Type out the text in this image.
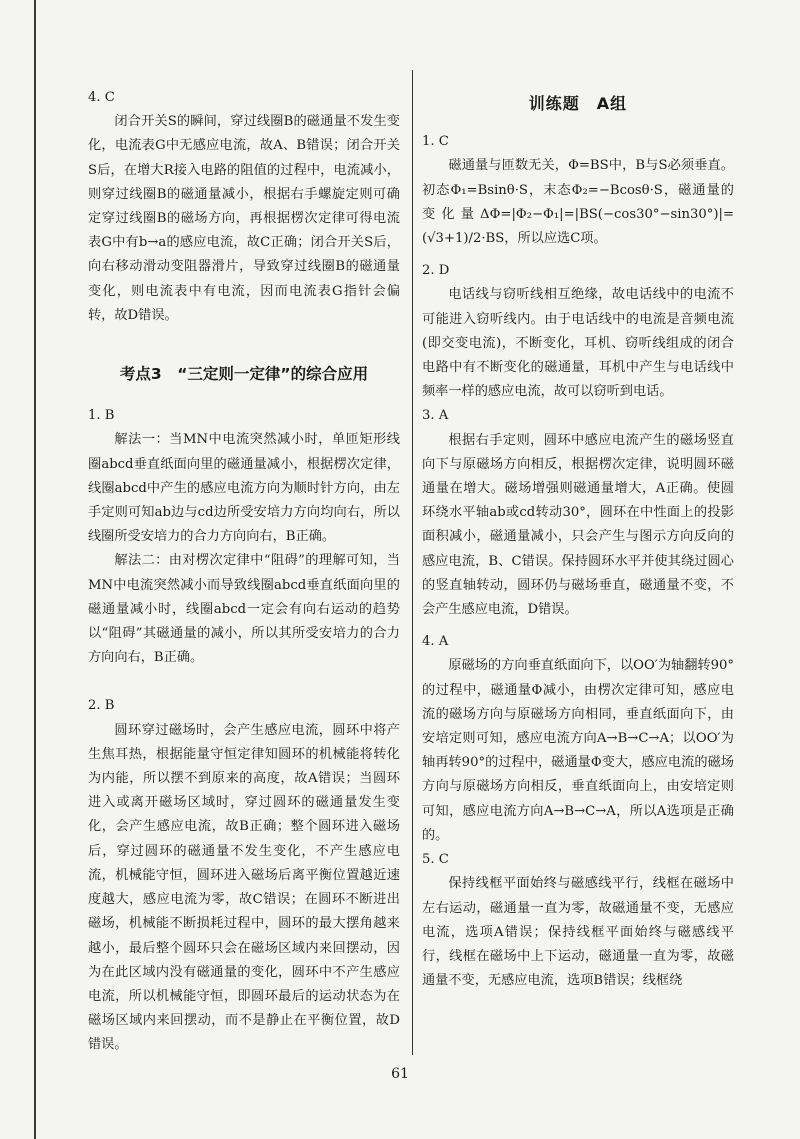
4. C

闭合开关S的瞬间，穿过线圈B的磁通量不发生变化，电流表G中无感应电流，故A、B错误；闭合开关S后，在增大R接入电路的阻值的过程中，电流减小，则穿过线圈B的磁通量减小，根据右手螺旋定则可确定穿过线圈B的磁场方向，再根据楞次定律可得电流表G中有b→a的感应电流，故C正确；闭合开关S后，向右移动滑动变阻器滑片，导致穿过线圈B的磁通量变化，则电流表中有电流，因而电流表G指针会偏转，故D错误。

考点3　“三定则一定律”的综合应用

1. B

解法一：当MN中电流突然减小时，单匝矩形线圈abcd垂直纸面向里的磁通量减小，根据楞次定律，线圈abcd中产生的感应电流方向为顺时针方向，由左手定则可知ab边与cd边所受安培力方向均向右，所以线圈所受安培力的合力方向向右，B正确。

解法二：由对楞次定律中“阻碍”的理解可知，当MN中电流突然减小而导致线圈abcd垂直纸面向里的磁通量减小时，线圈abcd一定会有向右运动的趋势以“阻碍”其磁通量的减小，所以其所受安培力的合力方向向右，B正确。

2. B

圆环穿过磁场时，会产生感应电流，圆环中将产生焦耳热，根据能量守恒定律知圆环的机械能将转化为内能，所以摆不到原来的高度，故A错误；当圆环进入或离开磁场区域时，穿过圆环的磁通量发生变化，会产生感应电流，故B正确；整个圆环进入磁场后，穿过圆环的磁通量不发生变化，不产生感应电流，机械能守恒，圆环进入磁场后离平衡位置越近速度越大，感应电流为零，故C错误；在圆环不断进出磁场，机械能不断损耗过程中，圆环的最大摆角越来越小，最后整个圆环只会在磁场区域内来回摆动，因为在此区域内没有磁通量的变化，圆环中不产生感应电流，所以机械能守恒，即圆环最后的运动状态为在磁场区域内来回摆动，而不是静止在平衡位置，故D错误。

训练题　A组

1. C

磁通量与匝数无关，Φ=BS中，B与S必须垂直。初态Φ₁=Bsinθ·S，末态Φ₂=−Bcosθ·S，磁通量的变化量ΔΦ=|Φ₂−Φ₁|=|BS(−cos30°−sin30°)|=(√3+1)/2·BS，所以应选C项。

2. D

电话线与窃听线相互绝缘，故电话线中的电流不可能进入窃听线内。由于电话线中的电流是音频电流(即交变电流)，不断变化，耳机、窃听线组成的闭合电路中有不断变化的磁通量，耳机中产生与电话线中频率一样的感应电流，故可以窃听到电话。

3. A

根据右手定则，圆环中感应电流产生的磁场竖直向下与原磁场方向相反，根据楞次定律，说明圆环磁通量在增大。磁场增强则磁通量增大，A正确。使圆环绕水平轴ab或cd转动30°，圆环在中性面上的投影面积减小，磁通量减小，只会产生与图示方向反向的感应电流，B、C错误。保持圆环水平并使其绕过圆心的竖直轴转动，圆环仍与磁场垂直，磁通量不变，不会产生感应电流，D错误。

4. A

原磁场的方向垂直纸面向下，以OO′为轴翻转90°的过程中，磁通量Φ减小，由楞次定律可知，感应电流的磁场方向与原磁场方向相同，垂直纸面向下，由安培定则可知，感应电流方向A→B→C→A；以OO′为轴再转90°的过程中，磁通量Φ变大，感应电流的磁场方向与原磁场方向相反，垂直纸面向上，由安培定则可知，感应电流方向A→B→C→A，所以A选项是正确的。

5. C

保持线框平面始终与磁感线平行，线框在磁场中左右运动，磁通量一直为零，故磁通量不变，无感应电流，选项A错误；保持线框平面始终与磁感线平行，线框在磁场中上下运动，磁通量一直为零，故磁通量不变，无感应电流，选项B错误；线框绕

61
